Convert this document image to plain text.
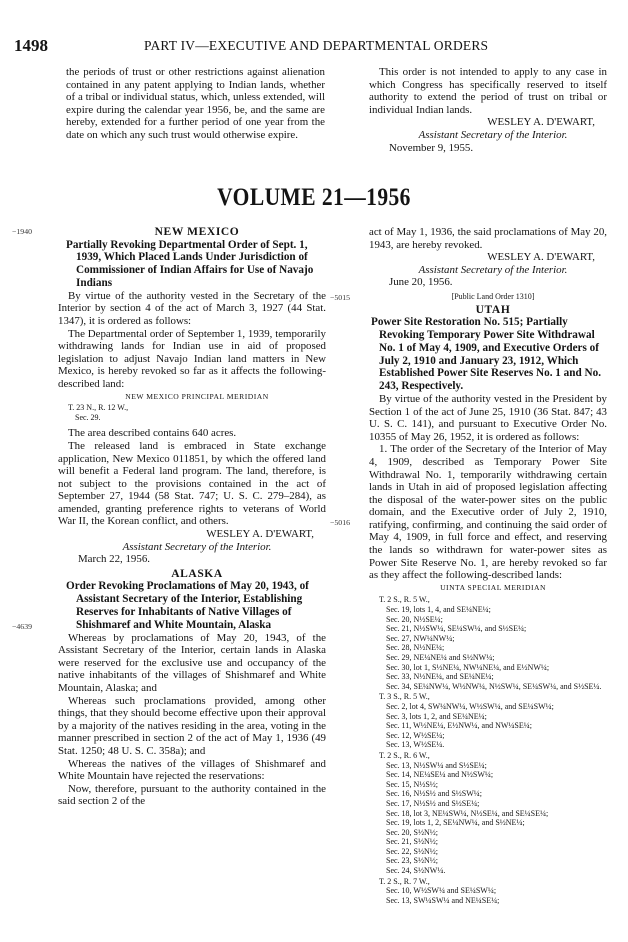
1498	PART IV—EXECUTIVE AND DEPARTMENTAL ORDERS

the periods of trust or other restrictions against alienation contained in any patent applying to Indian lands, whether of a tribal or individual status, which, unless extended, will expire during the calendar year 1956, be, and the same are hereby, extended for a further period of one year from the date on which any such trust would otherwise expire.

This order is not intended to apply to any case in which Congress has specifically reserved to itself authority to extend the period of trust on tribal or individual Indian lands.

WESLEY A. D'EWART,

Assistant Secretary of the Interior.

November 9, 1955.

VOLUME 21—1956
−1940
−4639
−5015
−5016

NEW MEXICO

Partially Revoking Departmental Order of Sept. 1, 1939, Which Placed Lands Under Jurisdiction of Commissioner of Indian Affairs for Use of Navajo Indians

By virtue of the authority vested in the Secretary of the Interior by section 4 of the act of March 3, 1927 (44 Stat. 1347), it is ordered as follows:

The Departmental order of September 1, 1939, temporarily withdrawing lands for Indian use in aid of proposed legislation to adjust Navajo Indian land matters in New Mexico, is hereby revoked so far as it affects the following-described land:

NEW MEXICO PRINCIPAL MERIDIAN

T. 23 N., R. 12 W.,

Sec. 29.

The area described contains 640 acres.

The released land is embraced in State exchange application, New Mexico 011851, by which the offered land will benefit a Federal land program. The land, therefore, is not subject to the provisions contained in the act of September 27, 1944 (58 Stat. 747; U. S. C. 279–284), as amended, granting preference rights to veterans of World War II, the Korean conflict, and others.

WESLEY A. D'EWART,

Assistant Secretary of the Interior.

March 22, 1956.

ALASKA

Order Revoking Proclamations of May 20, 1943, of Assistant Secretary of the Interior, Establishing Reserves for Inhabitants of Native Villages of Shishmaref and White Mountain, Alaska

Whereas by proclamations of May 20, 1943, of the Assistant Secretary of the Interior, certain lands in Alaska were reserved for the exclusive use and occupancy of the native inhabitants of the villages of Shishmaref and White Mountain, Alaska; and

Whereas such proclamations provided, among other things, that they should become effective upon their approval by a majority of the natives residing in the area, voting in the manner prescribed in section 2 of the act of May 1, 1936 (49 Stat. 1250; 48 U. S. C. 358a); and

Whereas the natives of the villages of Shishmaref and White Mountain have rejected the reservations:

Now, therefore, pursuant to the authority contained in the said section 2 of the

act of May 1, 1936, the said proclamations of May 20, 1943, are hereby revoked.

WESLEY A. D'EWART,

Assistant Secretary of the Interior.

June 20, 1956.

[Public Land Order 1310]

UTAH

Power Site Restoration No. 515; Partially Revoking Temporary Power Site Withdrawal No. 1 of May 4, 1909, and Executive Orders of July 2, 1910 and January 23, 1912, Which Established Power Site Reserves No. 1 and No. 243, Respectively.

By virtue of the authority vested in the President by Section 1 of the act of June 25, 1910 (36 Stat. 847; 43 U. S. C. 141), and pursuant to Executive Order No. 10355 of May 26, 1952, it is ordered as follows:

1. The order of the Secretary of the Interior of May 4, 1909, described as Temporary Power Site Withdrawal No. 1, temporarily withdrawing certain lands in Utah in aid of proposed legislation affecting the disposal of the water-power sites on the public domain, and the Executive order of July 2, 1910, ratifying, confirming, and continuing the said order of May 4, 1909, in full force and effect, and reserving the lands so withdrawn for water-power sites as Power Site Reserve No. 1, are hereby revoked so far as they affect the following-described lands:

UINTA SPECIAL MERIDIAN

T. 2 S., R. 5 W.,

Sec. 19, lots 1, 4, and SE¼NE¼;

Sec. 20, N½SE¼;

Sec. 21, N½SW¼, SE¼SW¼, and S½SE¼;

Sec. 27, NW¼NW¼;

Sec. 28, N½NE¼;

Sec. 29, NE¼NE¼ and S½NW¼;

Sec. 30, lot 1, S½NE¼, NW¼NE¼, and E½NW¼;

Sec. 33, N½NE¼, and SE¼NE¼;

Sec. 34, SE¼NW¼, W½NW¼, N½SW¼, SE¼SW¼, and S½SE¼.

T. 3 S., R. 5 W.,

Sec. 2, lot 4, SW¼NW¼, W½SW¼, and SE¼SW¼;

Sec. 3, lots 1, 2, and SE¼NE¼;

Sec. 11, W½NE¼, E½NW¼, and NW¼SE¼;

Sec. 12, W½SE¼;

Sec. 13, W½SE¼.

T. 2 S., R. 6 W.,

Sec. 13, N½SW¼ and S½SE¼;

Sec. 14, NE¼SE¼ and N½SW¼;

Sec. 15, N½S½;

Sec. 16, N½S½ and S½SW¼;

Sec. 17, N½S½ and S½SE¼;

Sec. 18, lot 3, NE¼SW¼, N½SE¼, and SE¼SE¼;

Sec. 19, lots 1, 2, SE¼NW¼, and S½NE¼;

Sec. 20, S½N½;

Sec. 21, S½N½;

Sec. 22, S½N½;

Sec. 23, S½N½;

Sec. 24, S½NW¼.

T. 2 S., R. 7 W.,

Sec. 10, W½SW¼ and SE¼SW¼;

Sec. 13, SW¼SW¼ and NE¼SE¼;
